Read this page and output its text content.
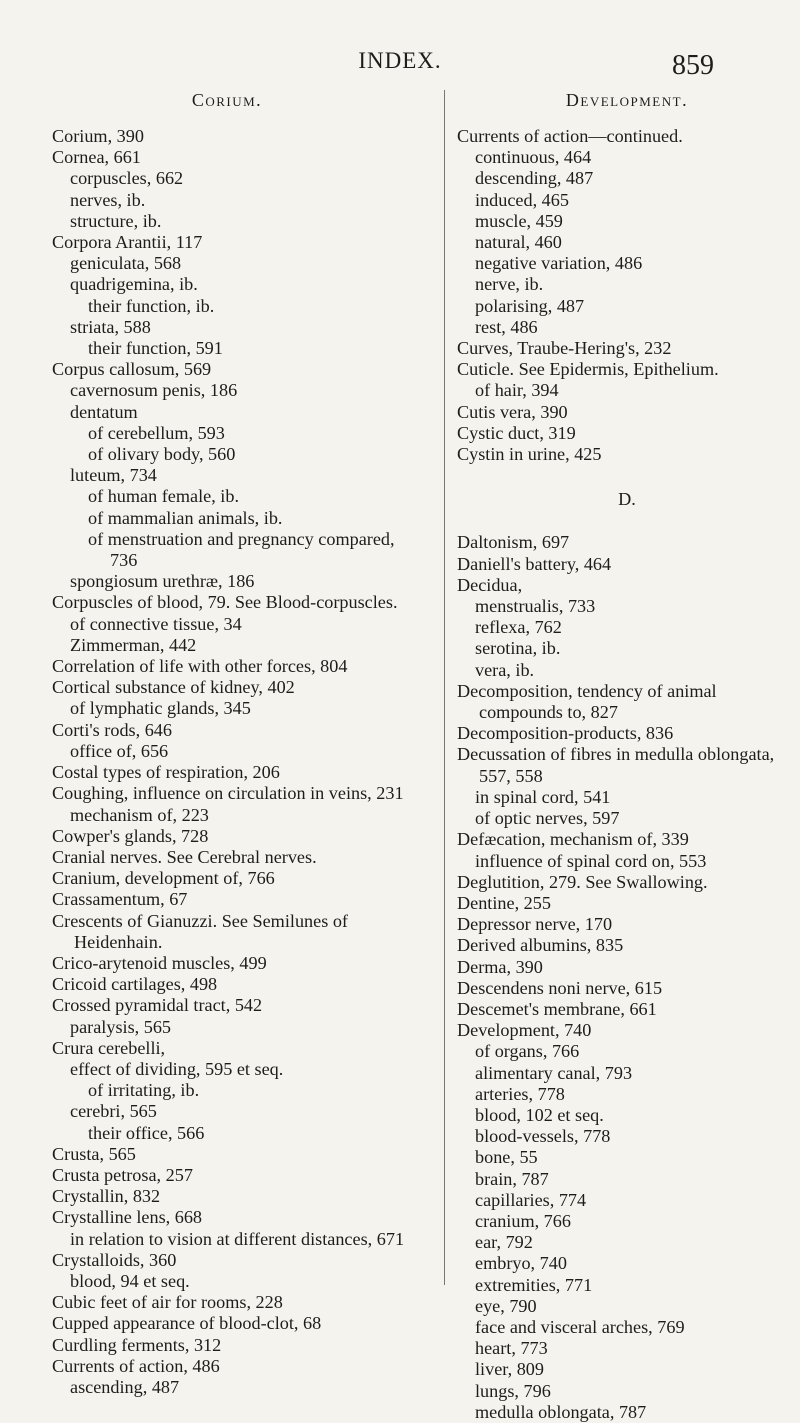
INDEX.	859
Corium.
Corium, 390
Cornea, 661
corpuscles, 662
nerves, ib.
structure, ib.
Corpora Arantii, 117
geniculata, 568
quadrigemina, ib.
their function, ib.
striata, 588
their function, 591
Corpus callosum, 569
cavernosum penis, 186
dentatum
of cerebellum, 593
of olivary body, 560
luteum, 734
of human female, ib.
of mammalian animals, ib.
of menstruation and pregnancy compared, 736
spongiosum urethræ, 186
Corpuscles of blood, 79. See Blood-corpuscles.
of connective tissue, 34
Zimmerman, 442
Correlation of life with other forces, 804
Cortical substance of kidney, 402
of lymphatic glands, 345
Corti's rods, 646
office of, 656
Costal types of respiration, 206
Coughing, influence on circulation in veins, 231
mechanism of, 223
Cowper's glands, 728
Cranial nerves. See Cerebral nerves.
Cranium, development of, 766
Crassamentum, 67
Crescents of Gianuzzi. See Semilunes of Heidenhain.
Crico-arytenoid muscles, 499
Cricoid cartilages, 498
Crossed pyramidal tract, 542
paralysis, 565
Crura cerebelli,
effect of dividing, 595 et seq.
of irritating, ib.
cerebri, 565
their office, 566
Crusta, 565
Crusta petrosa, 257
Crystallin, 832
Crystalline lens, 668
in relation to vision at different distances, 671
Crystalloids, 360
blood, 94 et seq.
Cubic feet of air for rooms, 228
Cupped appearance of blood-clot, 68
Curdling ferments, 312
Currents of action, 486
ascending, 487
Development.
Currents of action—continued.
continuous, 464
descending, 487
induced, 465
muscle, 459
natural, 460
negative variation, 486
nerve, ib.
polarising, 487
rest, 486
Curves, Traube-Hering's, 232
Cuticle. See Epidermis, Epithelium.
of hair, 394
Cutis vera, 390
Cystic duct, 319
Cystin in urine, 425
D.
Daltonism, 697
Daniell's battery, 464
Decidua,
menstrualis, 733
reflexa, 762
serotina, ib.
vera, ib.
Decomposition, tendency of animal compounds to, 827
Decomposition-products, 836
Decussation of fibres in medulla oblongata, 557, 558
in spinal cord, 541
of optic nerves, 597
Defæcation, mechanism of, 339
influence of spinal cord on, 553
Deglutition, 279. See Swallowing.
Dentine, 255
Depressor nerve, 170
Derived albumins, 835
Derma, 390
Descendens noni nerve, 615
Descemet's membrane, 661
Development, 740
of organs, 766
alimentary canal, 793
arteries, 778
blood, 102 et seq.
blood-vessels, 778
bone, 55
brain, 787
capillaries, 774
cranium, 766
ear, 792
embryo, 740
extremities, 771
eye, 790
face and visceral arches, 769
heart, 773
liver, 809
lungs, 796
medulla oblongata, 787
